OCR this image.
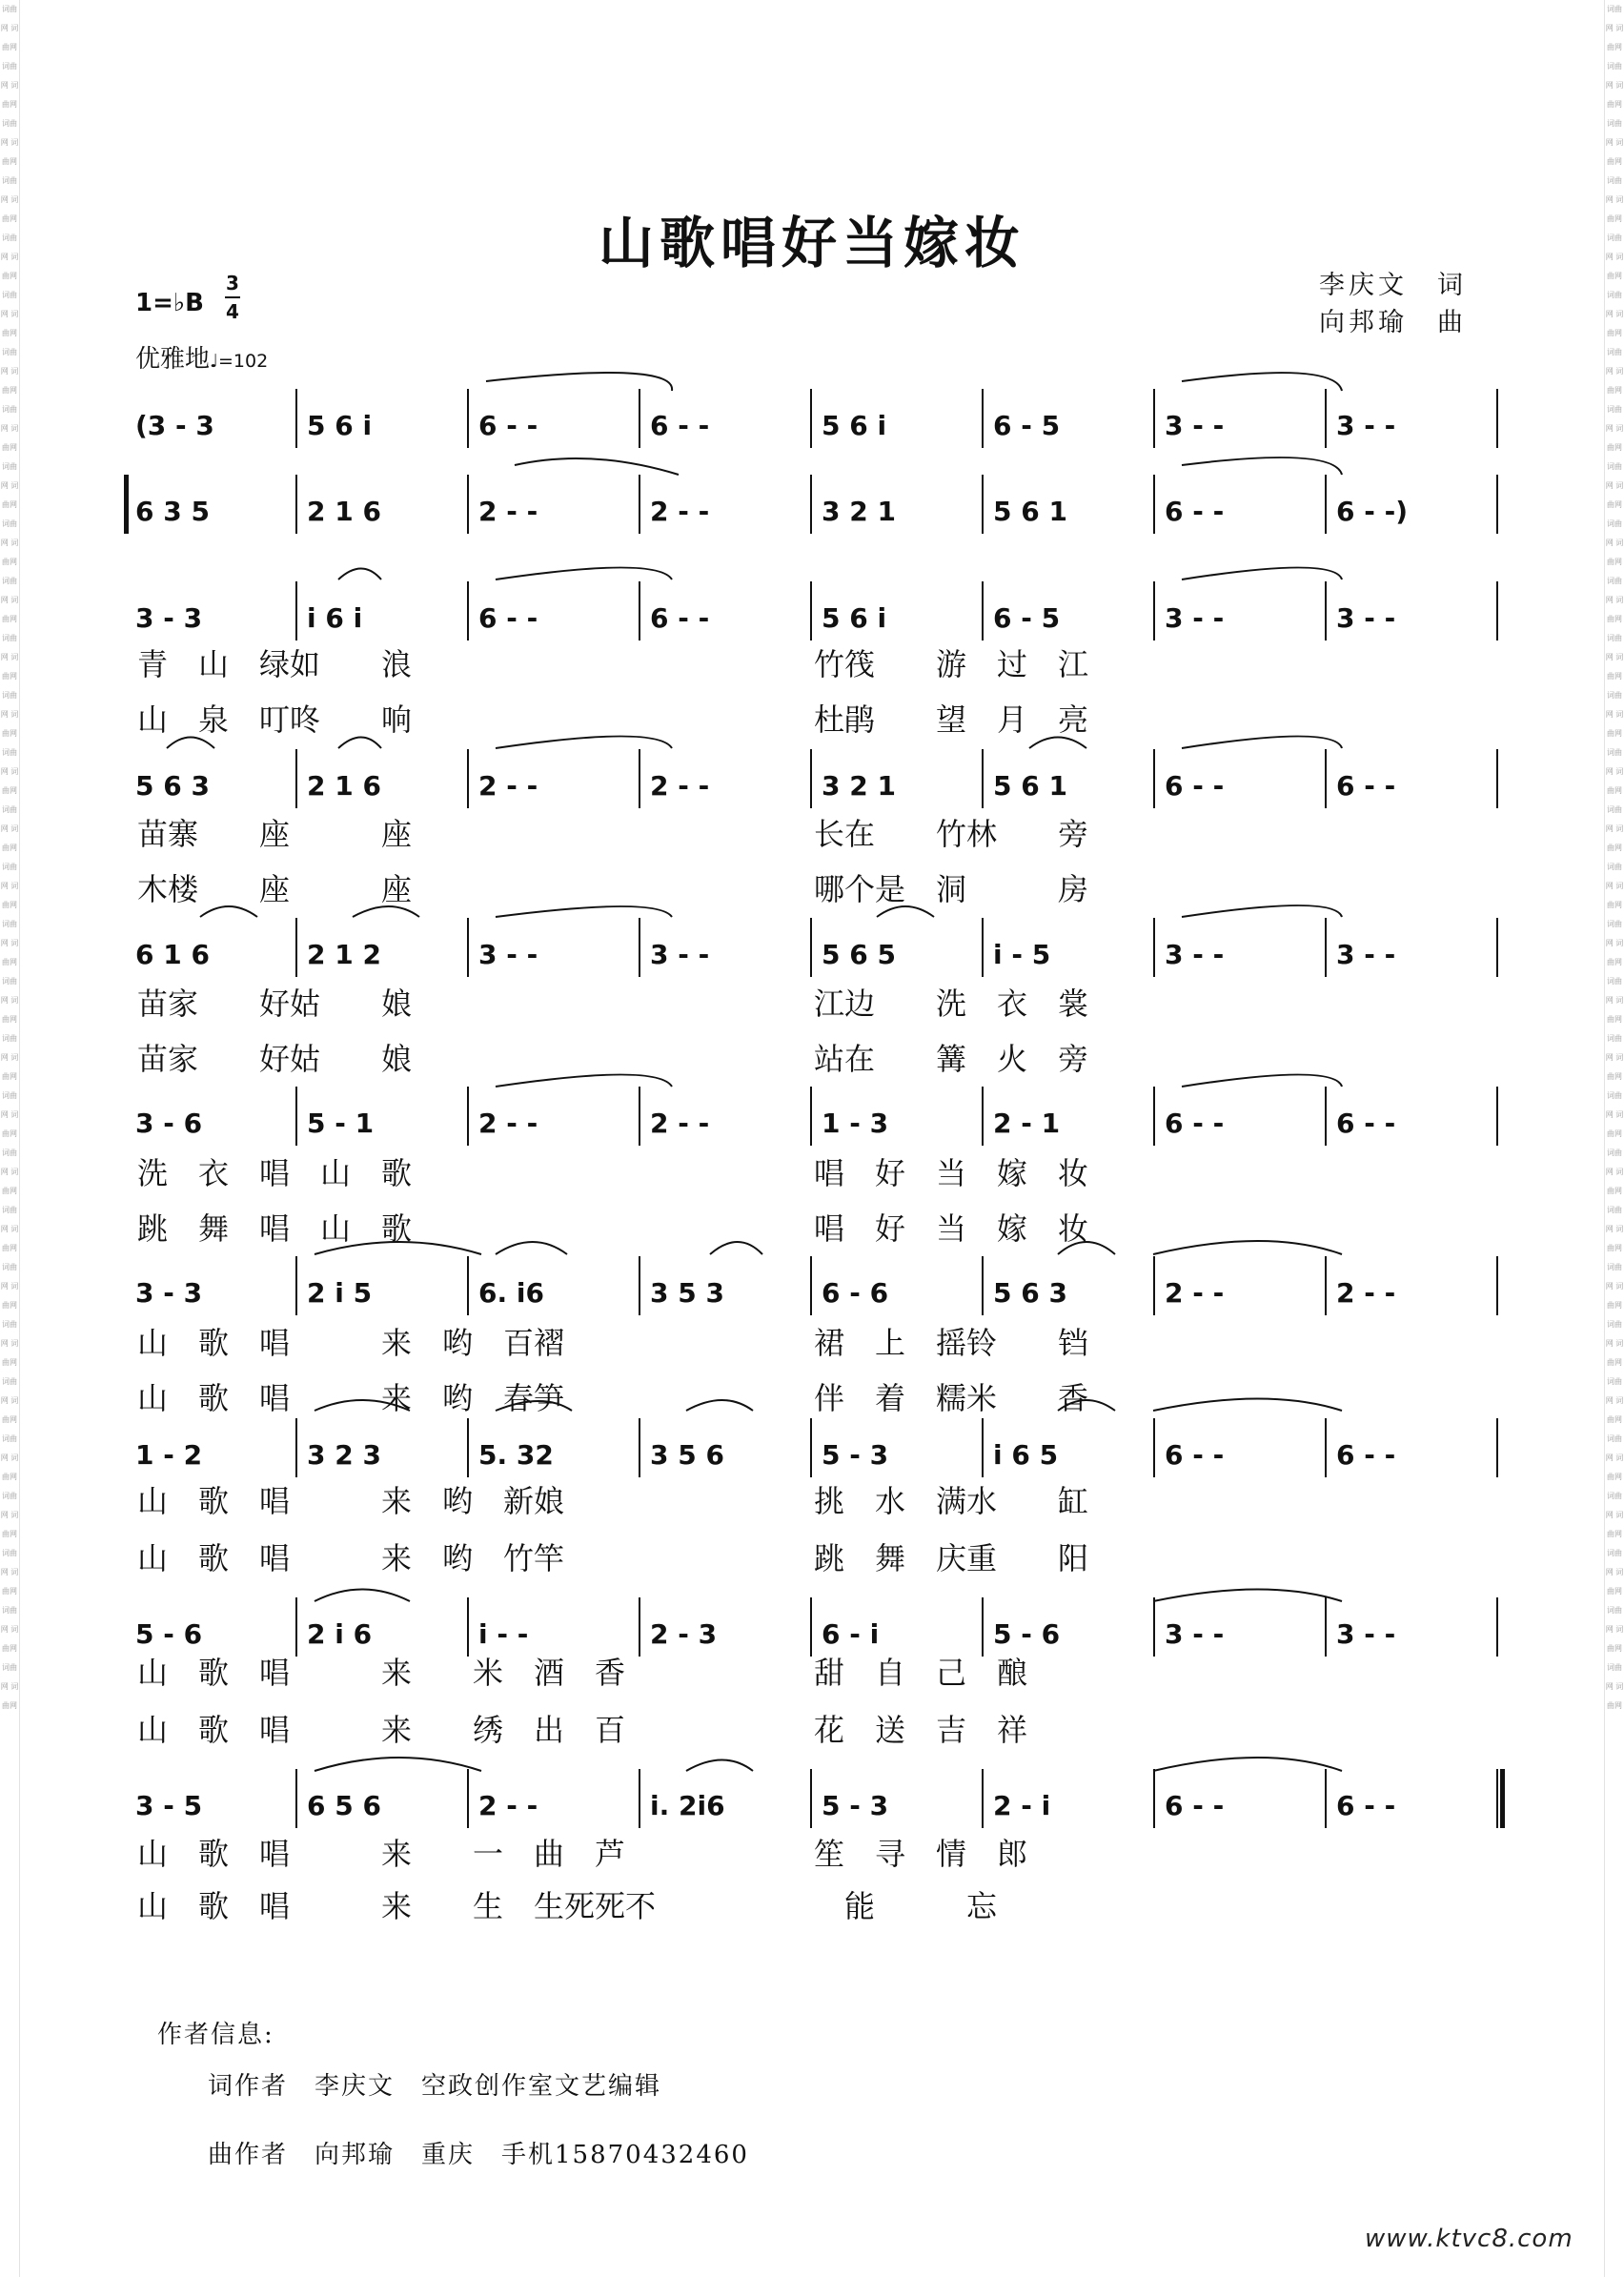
词曲网 词曲网 词曲网 词曲网 词曲网 词曲网 词曲网 词曲网 词曲网 词曲网 词曲网 词曲网 词曲网 词曲网 词曲网 词曲网 词曲网 词曲网 词曲网 词曲网 词曲网 词曲网 词曲网 词曲网 词曲网 词曲网 词曲网 词曲网 词曲网 词曲网 词曲网 词曲网 词曲网 词曲网 词曲网 词曲网 词曲网 词曲网 词曲网 词曲网 词曲网 词曲网 词曲网 词曲网 词曲网 词曲网 词曲网 词曲网 词曲网 词曲网 词曲网 词曲网 词曲网 词曲网 词曲网 词曲网 词曲网 词曲网 词曲网 词曲网
词曲网 词曲网 词曲网 词曲网 词曲网 词曲网 词曲网 词曲网 词曲网 词曲网 词曲网 词曲网 词曲网 词曲网 词曲网 词曲网 词曲网 词曲网 词曲网 词曲网 词曲网 词曲网 词曲网 词曲网 词曲网 词曲网 词曲网 词曲网 词曲网 词曲网 词曲网 词曲网 词曲网 词曲网 词曲网 词曲网 词曲网 词曲网 词曲网 词曲网 词曲网 词曲网 词曲网 词曲网 词曲网 词曲网 词曲网 词曲网 词曲网 词曲网 词曲网 词曲网 词曲网 词曲网 词曲网 词曲网 词曲网 词曲网 词曲网 词曲网
山歌唱好当嫁妆
李庆文　词
向邦瑜　曲
1=♭B
3
4
优雅地♩=102
(3 - 3	5 6 i	6 - -	6 - -	5 6 i	6 - 5	3 - -	3 - -
6 3 5	2 1 6	2 - -	2 - -	3 2 1	5 6 1	6 - -	6 - -)
3 - 3	i 6 i	6 - -	6 - -	5 6 i	6 - 5	3 - -	3 - -
5 6 3	2 1 6	2 - -	2 - -	3 2 1	5 6 1	6 - -	6 - -
6 1 6	2 1 2	3 - -	3 - -	5 6 5	i - 5	3 - -	3 - -
3 - 6	5 - 1	2 - -	2 - -	1 - 3	2 - 1	6 - -	6 - -
3 - 3	2 i 5	6. i6	3 5 3	6 - 6	5 6 3	2 - -	2 - -
1 - 2	3 2 3	5. 32	3 5 6	5 - 3	i 6 5	6 - -	6 - -
5 - 6	2 i 6	i - -	2 - 3	6 - i	5 - 6	3 - -	3 - -
3 - 5	6 5 6	2 - -	i. 2i6	5 - 3	2 - i	6 - -	6 - -
青　山　绿如　　浪	竹筏　　游　过　江
山　泉　叮咚　　响	杜鹃　　望　月　亮
苗寨　　座　　　座	长在　　竹林　　旁
木楼　　座　　　座	哪个是　洞　　　房
苗家　　好姑　　娘	江边　　洗　衣　裳
苗家　　好姑　　娘	站在　　篝　火　旁
洗　衣　唱　山　歌	唱　好　当　嫁　妆
跳　舞　唱　山　歌	唱　好　当　嫁　妆
山　歌　唱　　　来　哟　百褶	裙　上　摇铃　　铛
山　歌　唱　　　来　哟　春笋	伴　着　糯米　　香
山　歌　唱　　　来　哟　新娘	挑　水　满水　　缸
山　歌　唱　　　来　哟　竹竿	跳　舞　庆重　　阳
山　歌　唱　　　来　　米　酒　香	甜　自　己　酿
山　歌　唱　　　来　　绣　出　百	花　送　吉　祥
山　歌　唱　　　来　　一　曲　芦	笙　寻　情　郎
山　歌　唱　　　来　　生　生死死不	　能　　　忘
作者信息:
词作者　李庆文　空政创作室文艺编辑
曲作者　向邦瑜　重庆　手机15870432460
www.ktvc8.com
